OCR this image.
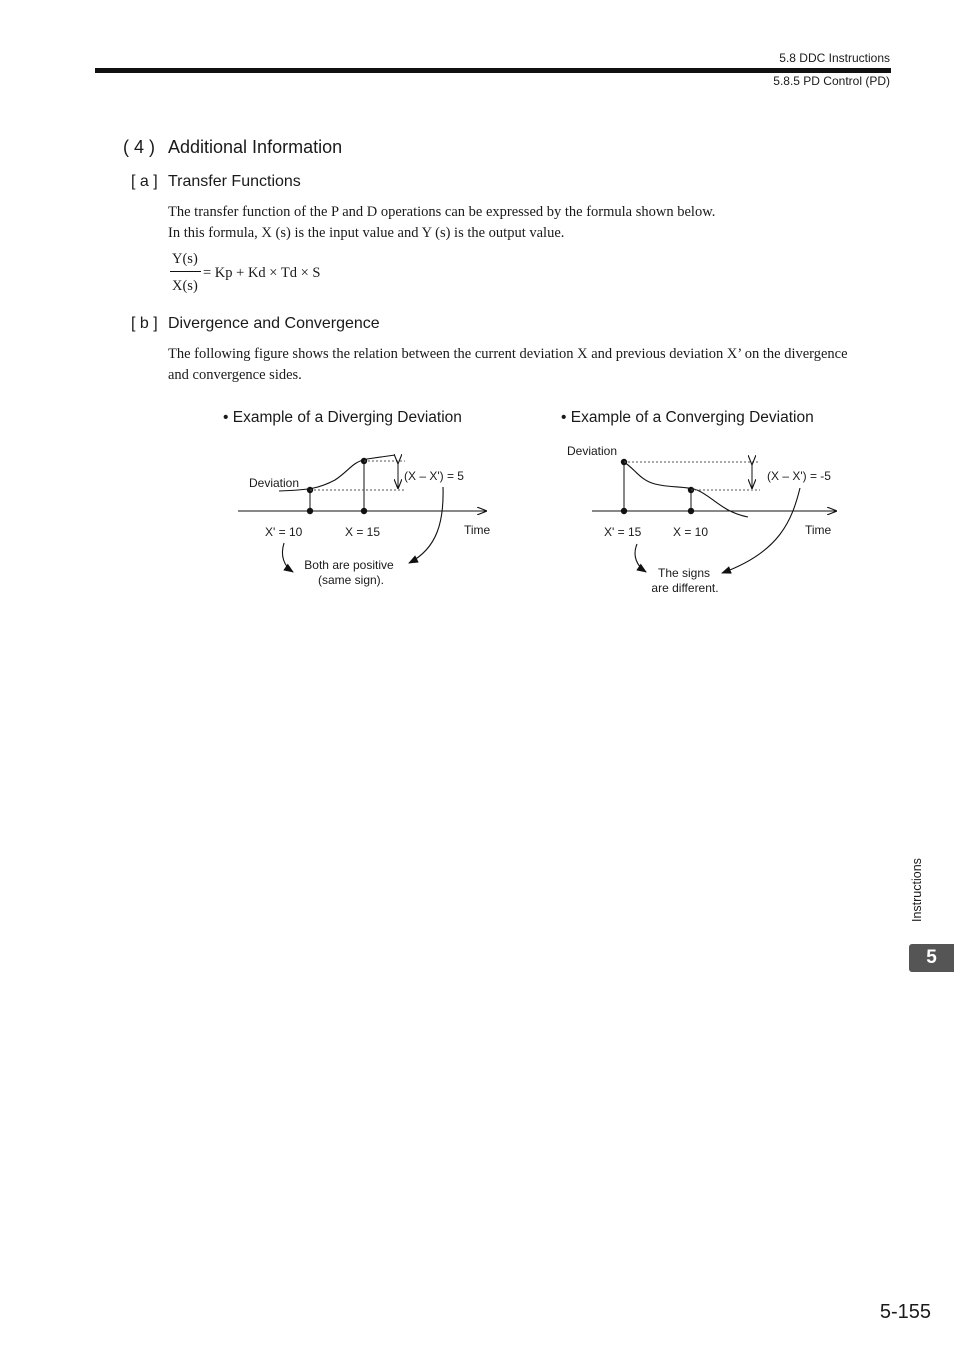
5.8 DDC Instructions
5.8.5 PD Control (PD)
( 4 ) Additional Information
[ a ] Transfer Functions
The transfer function of the P and D operations can be expressed by the formula shown below.
In this formula, X (s) is the input value and Y (s) is the output value.
Y(s)
X(s)
= Kp + Kd × Td × S
[ b ] Divergence and Convergence
The following figure shows the relation between the current deviation X and previous deviation X’ on the divergence
and convergence sides.
• Example of a Diverging Deviation	• Example of a Converging Deviation
Deviation	(X – X') = 5
X' = 10	X = 15	Time
Both are positive
(same sign).
Deviation
(X – X') = -5
X' = 15	X = 10	Time
The signs
are different.
Instructions
5
5-155
